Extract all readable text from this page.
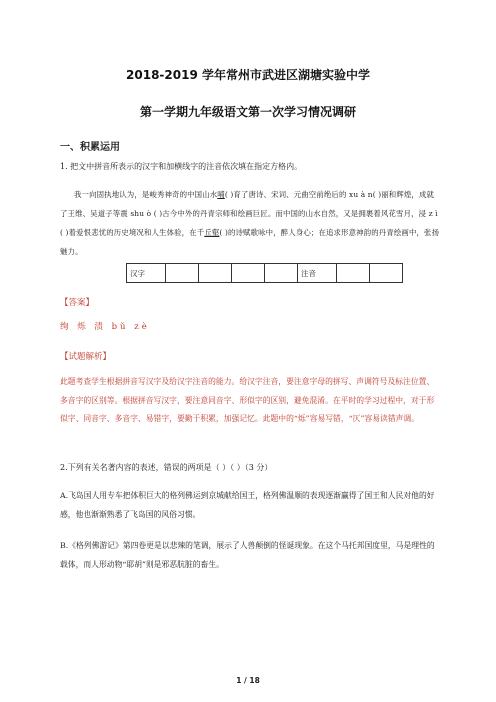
2018-2019 学年常州市武进区湖塘实验中学
第一学期九年级语文第一次学习情况调研
一、积累运用
1. 把文中拼音所表示的汉字和加横线字的注音依次填在指定方格内。
我一向固执地认为，是峻秀神奇的中国山水哺( )育了唐诗、宋词、元曲空前绝后的 xu à n( )丽和辉煌，成就了王维、吴道子等震 shu ò ( )古今中外的丹青宗师和绘画巨匠。而中国的山水自然，又是拥裹着风花雪月，浸 z ì ( )着爱恨悲忧的历史境况和人生体验，在千丘壑( )的诗赋歌咏中，醉人身心；在追求形意神韵的丹青绘画中，张扬魅力。
汉字					注音		
【答案】
绚 烁 渍 bǔ zè
【试题解析】
此题考查学生根据拼音写汉字及给汉字注音的能力。给汉字注音，要注意字母的拼写、声调符号及标注位置、多音字的区别等。根据拼音写汉字，要注意同音字、形似字的区别，避免混淆。在平时的学习过程中，对于形似字、同音字、多音字、易错字，要勤于积累，加强记忆。此题中的“烁”容易写错，“仄”容易读错声调。
2.下列有关名著内容的表述，错误的两项是（ ）（ ）（3 分）
A.飞岛国人用专车把体积巨大的格列佛运到京城献给国王，格列佛温顺的表现逐渐赢得了国王和人民对他的好感，他也渐渐熟悉了飞岛国的风俗习惯。
B.《格列佛游记》第四卷更是以悲辣的笔调，展示了人兽颠倒的怪诞现象。在这个马托邦国度里，马是理性的载体，而人形动物“耶胡”则是邪恶肮脏的畜生。
1 / 18
